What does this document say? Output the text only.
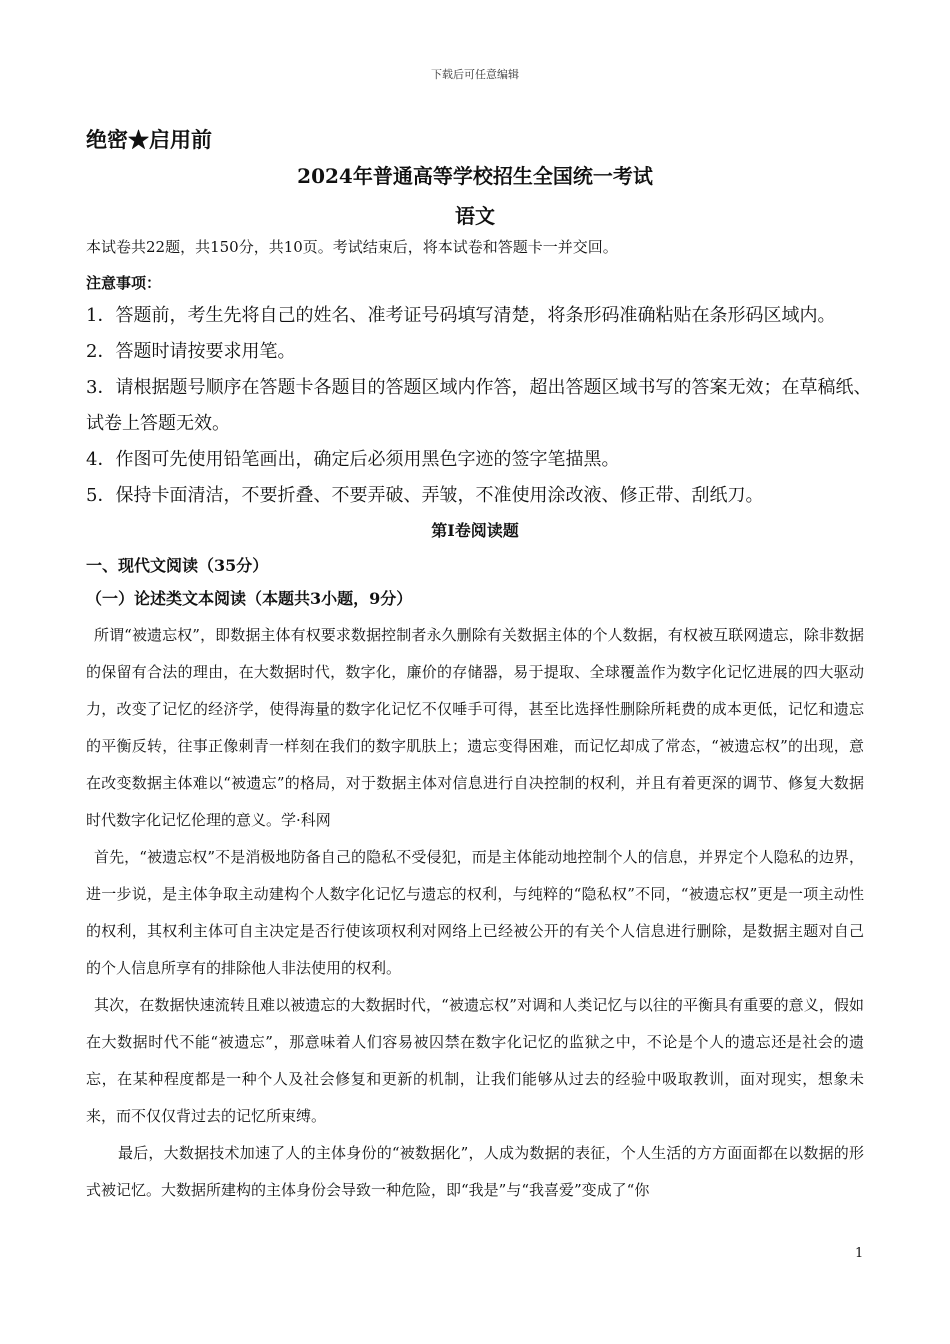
下载后可任意编辑
绝密★启用前
2024年普通高等学校招生全国统一考试
语文
本试卷共22题，共150分，共10页。考试结束后，将本试卷和答题卡一并交回。
注意事项：
1．答题前，考生先将自己的姓名、准考证号码填写清楚，将条形码准确粘贴在条形码区域内。
2．答题时请按要求用笔。
3．请根据题号顺序在答题卡各题目的答题区域内作答，超出答题区域书写的答案无效；在草稿纸、试卷上答题无效。
4．作图可先使用铅笔画出，确定后必须用黑色字迹的签字笔描黑。
5．保持卡面清洁，不要折叠、不要弄破、弄皱，不准使用涂改液、修正带、刮纸刀。
第Ⅰ卷阅读题
一、现代文阅读（35分）
（一）论述类文本阅读（本题共3小题，9分）

所谓“被遗忘权”，即数据主体有权要求数据控制者永久删除有关数据主体的个人数据，有权被互联网遗忘，除非数据的保留有合法的理由，在大数据时代，数字化，廉价的存储器，易于提取、全球覆盖作为数字化记忆进展的四大驱动力，改变了记忆的经济学，使得海量的数字化记忆不仅唾手可得，甚至比选择性删除所耗费的成本更低，记忆和遗忘的平衡反转，往事正像刺青一样刻在我们的数字肌肤上；遗忘变得困难，而记忆却成了常态，“被遗忘权”的出现，意在改变数据主体难以“被遗忘”的格局，对于数据主体对信息进行自决控制的权利，并且有着更深的调节、修复大数据时代数字化记忆伦理的意义。学·科网

首先，“被遗忘权”不是消极地防备自己的隐私不受侵犯，而是主体能动地控制个人的信息，并界定个人隐私的边界，进一步说，是主体争取主动建构个人数字化记忆与遗忘的权利，与纯粹的“隐私权”不同，“被遗忘权”更是一项主动性的权利，其权利主体可自主决定是否行使该项权利对网络上已经被公开的有关个人信息进行删除，是数据主题对自己的个人信息所享有的排除他人非法使用的权利。

其次，在数据快速流转且难以被遗忘的大数据时代，“被遗忘权”对调和人类记忆与以往的平衡具有重要的意义，假如在大数据时代不能“被遗忘”，那意味着人们容易被囚禁在数字化记忆的监狱之中，不论是个人的遗忘还是社会的遗忘，在某种程度都是一种个人及社会修复和更新的机制，让我们能够从过去的经验中吸取教训，面对现实，想象未来，而不仅仅背过去的记忆所束缚。

最后，大数据技术加速了人的主体身份的“被数据化”，人成为数据的表征，个人生活的方方面面都在以数据的形式被记忆。大数据所建构的主体身份会导致一种危险，即“我是”与“我喜爱”变成了“你

1
